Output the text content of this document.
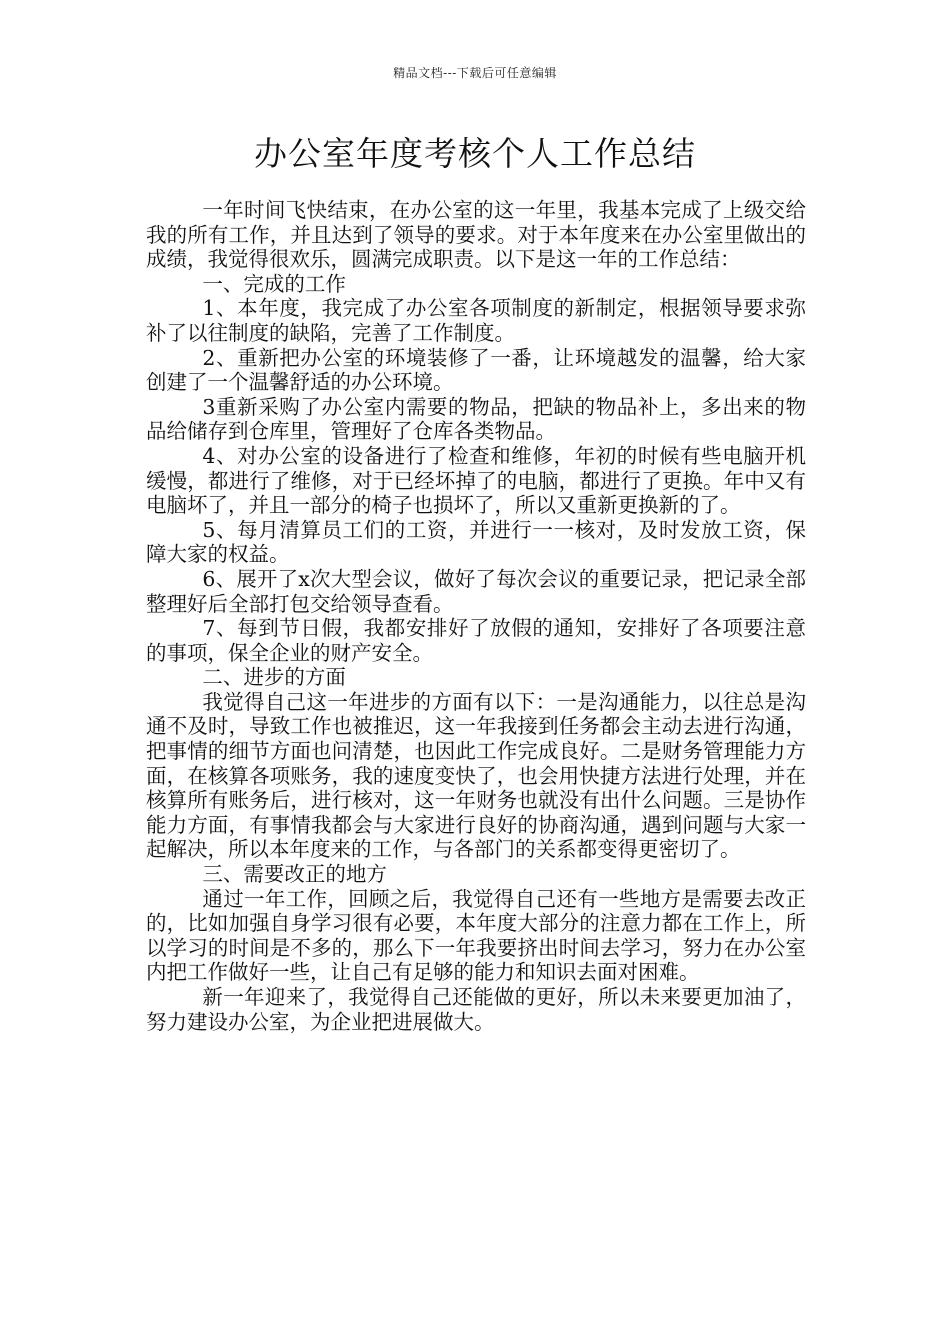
精品文档---下载后可任意编辑
办公室年度考核个人工作总结

一年时间飞快结束，在办公室的这一年里，我基本完成了上级交给我的所有工作，并且达到了领导的要求。对于本年度来在办公室里做出的成绩，我觉得很欢乐，圆满完成职责。以下是这一年的工作总结：

一、完成的工作

1、本年度，我完成了办公室各项制度的新制定，根据领导要求弥补了以往制度的缺陷，完善了工作制度。

2、重新把办公室的环境装修了一番，让环境越发的温馨，给大家创建了一个温馨舒适的办公环境。

3重新采购了办公室内需要的物品，把缺的物品补上，多出来的物品给储存到仓库里，管理好了仓库各类物品。

4、对办公室的设备进行了检查和维修，年初的时候有些电脑开机缓慢，都进行了维修，对于已经坏掉了的电脑，都进行了更换。年中又有电脑坏了，并且一部分的椅子也损坏了，所以又重新更换新的了。

5、每月清算员工们的工资，并进行一一核对，及时发放工资，保障大家的权益。

6、展开了x次大型会议，做好了每次会议的重要记录，把记录全部整理好后全部打包交给领导查看。

7、每到节日假，我都安排好了放假的通知，安排好了各项要注意的事项，保全企业的财产安全。

二、进步的方面

我觉得自己这一年进步的方面有以下：一是沟通能力，以往总是沟通不及时，导致工作也被推迟，这一年我接到任务都会主动去进行沟通，把事情的细节方面也问清楚，也因此工作完成良好。二是财务管理能力方面，在核算各项账务，我的速度变快了，也会用快捷方法进行处理，并在核算所有账务后，进行核对，这一年财务也就没有出什么问题。三是协作能力方面，有事情我都会与大家进行良好的协商沟通，遇到问题与大家一起解决，所以本年度来的工作，与各部门的关系都变得更密切了。

三、需要改正的地方

通过一年工作，回顾之后，我觉得自己还有一些地方是需要去改正的，比如加强自身学习很有必要，本年度大部分的注意力都在工作上，所以学习的时间是不多的，那么下一年我要挤出时间去学习，努力在办公室内把工作做好一些，让自己有足够的能力和知识去面对困难。

新一年迎来了，我觉得自己还能做的更好，所以未来要更加油了，努力建设办公室，为企业把进展做大。
